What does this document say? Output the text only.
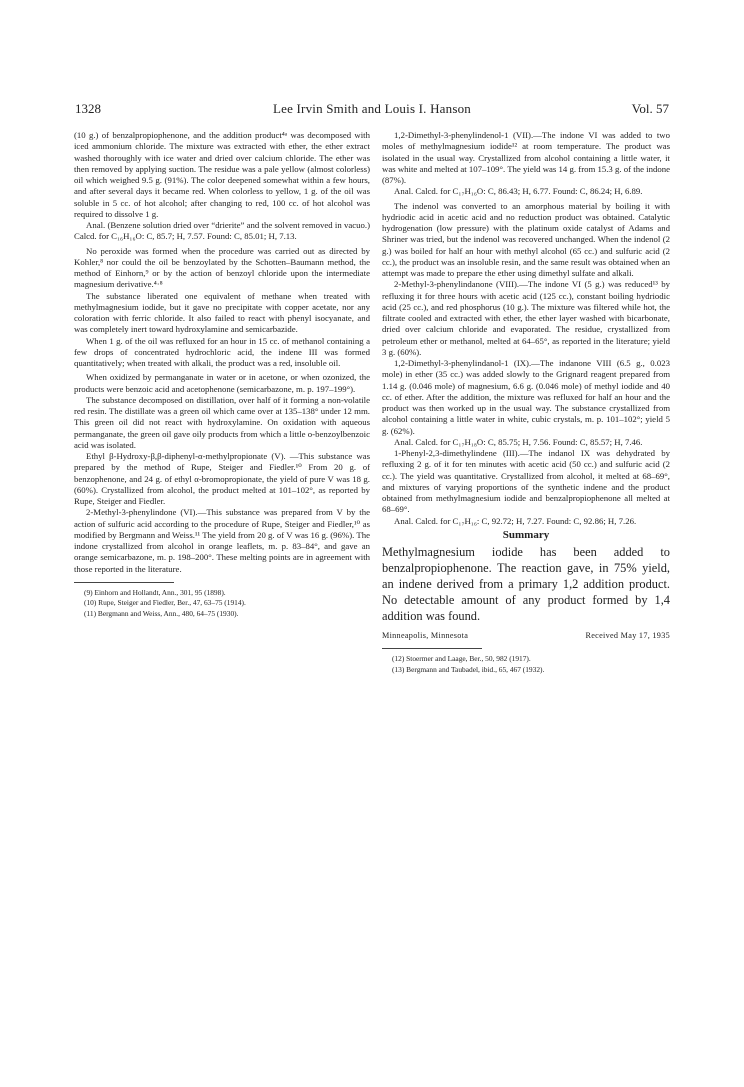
1328	Lee Irvin Smith and Louis I. Hanson	Vol. 57

(10 g.) of benzalpropiophenone, and the addition product⁴ᵃ was decomposed with iced ammonium chloride. The mixture was extracted with ether, the ether extract washed thoroughly with ice water and dried over calcium chloride. The ether was then removed by applying suction. The residue was a pale yellow (almost colorless) oil which weighed 9.5 g. (91%). The color deepened somewhat within a few hours, and after several days it became red. When colorless to yellow, 1 g. of the oil was soluble in 5 cc. of hot alcohol; after changing to red, 100 cc. of hot alcohol was required to dissolve 1 g.

Anal. (Benzene solution dried over “drierite” and the solvent removed in vacuo.) Calcd. for C₁₆H₁₆O: C, 85.7; H, 7.57. Found: C, 85.01; H, 7.13.

No peroxide was formed when the procedure was carried out as directed by Kohler,⁸ nor could the oil be benzoylated by the Schotten–Baumann method, the method of Einhorn,⁹ or by the action of benzoyl chloride upon the intermediate magnesium derivative.⁴·⁸

The substance liberated one equivalent of methane when treated with methylmagnesium iodide, but it gave no precipitate with copper acetate, nor any coloration with ferric chloride. It also failed to react with phenyl isocyanate, and was completely inert toward hydroxylamine and semicarbazide.

When 1 g. of the oil was refluxed for an hour in 15 cc. of methanol containing a few drops of concentrated hydrochloric acid, the indene III was formed quantitatively; when treated with alkali, the product was a red, insoluble oil.

When oxidized by permanganate in water or in acetone, or when ozonized, the products were benzoic acid and acetophenone (semicarbazone, m. p. 197–199°).

The substance decomposed on distillation, over half of it forming a non-volatile red resin. The distillate was a green oil which came over at 135–138° under 12 mm. This green oil did not react with hydroxylamine. On oxidation with aqueous permanganate, the green oil gave oily products from which a little o-benzoylbenzoic acid was isolated.

Ethyl β-Hydroxy-β,β-diphenyl-α-methylpropionate (V). —This substance was prepared by the method of Rupe, Steiger and Fiedler.¹⁰ From 20 g. of benzophenone, and 24 g. of ethyl α-bromopropionate, the yield of pure V was 18 g. (60%). Crystallized from alcohol, the product melted at 101–102°, as reported by Rupe, Steiger and Fiedler.

2-Methyl-3-phenylindone (VI).—This substance was prepared from V by the action of sulfuric acid according to the procedure of Rupe, Steiger and Fiedler,¹⁰ as modified by Bergmann and Weiss.¹¹ The yield from 20 g. of V was 16 g. (96%). The indone crystallized from alcohol in orange leaflets, m. p. 83–84°, and gave an orange semicarbazone, m. p. 198–200°. These melting points are in agreement with those reported in the literature.

(9) Einhorn and Hollandt, Ann., 301, 95 (1898).

(10) Rupe, Steiger and Fiedler, Ber., 47, 63–75 (1914).

(11) Bergmann and Weiss, Ann., 480, 64–75 (1930).

1,2-Dimethyl-3-phenylindenol-1 (VII).—The indone VI was added to two moles of methylmagnesium iodide¹² at room temperature. The product was isolated in the usual way. Crystallized from alcohol containing a little water, it was white and melted at 107–109°. The yield was 14 g. from 15.3 g. of the indone (87%).

Anal. Calcd. for C₁₇H₁₆O: C, 86.43; H, 6.77. Found: C, 86.24; H, 6.89.

The indenol was converted to an amorphous material by boiling it with hydriodic acid in acetic acid and no reduction product was obtained. Catalytic hydrogenation (low pressure) with the platinum oxide catalyst of Adams and Shriner was tried, but the indenol was recovered unchanged. When the indenol (2 g.) was boiled for half an hour with methyl alcohol (65 cc.) and sulfuric acid (2 cc.), the product was an insoluble resin, and the same result was obtained when an attempt was made to prepare the ether using dimethyl sulfate and alkali.

2-Methyl-3-phenylindanone (VIII).—The indone VI (5 g.) was reduced¹³ by refluxing it for three hours with acetic acid (125 cc.), constant boiling hydriodic acid (25 cc.), and red phosphorus (10 g.). The mixture was filtered while hot, the filtrate cooled and extracted with ether, the ether layer washed with bicarbonate, dried over calcium chloride and evaporated. The residue, crystallized from petroleum ether or methanol, melted at 64–65°, as reported in the literature; yield 3 g. (60%).

1,2-Dimethyl-3-phenylindanol-1 (IX).—The indanone VIII (6.5 g., 0.023 mole) in ether (35 cc.) was added slowly to the Grignard reagent prepared from 1.14 g. (0.046 mole) of magnesium, 6.6 g. (0.046 mole) of methyl iodide and 40 cc. of ether. After the addition, the mixture was refluxed for half an hour and the product was then worked up in the usual way. The substance crystallized from alcohol containing a little water in white, cubic crystals, m. p. 101–102°; yield 5 g. (62%).

Anal. Calcd. for C₁₇H₁₈O: C, 85.75; H, 7.56. Found: C, 85.57; H, 7.46.

1-Phenyl-2,3-dimethylindene (III).—The indanol IX was dehydrated by refluxing 2 g. of it for ten minutes with acetic acid (50 cc.) and sulfuric acid (2 cc.). The yield was quantitative. Crystallized from alcohol, it melted at 68–69°, and mixtures of varying proportions of the synthetic indene and the product obtained from methylmagnesium iodide and benzalpropiophenone all melted at 68–69°.

Anal. Calcd. for C₁₇H₁₆: C, 92.72; H, 7.27. Found: C, 92.86; H, 7.26.

Summary

Methylmagnesium iodide has been added to benzalpropiophenone. The reaction gave, in 75% yield, an indene derived from a primary 1,2 addition product. No detectable amount of any product formed by 1,4 addition was found.

Minneapolis, Minnesota	Received May 17, 1935

(12) Stoermer and Laage, Ber., 50, 982 (1917).

(13) Bergmann and Taubadel, ibid., 65, 467 (1932).
